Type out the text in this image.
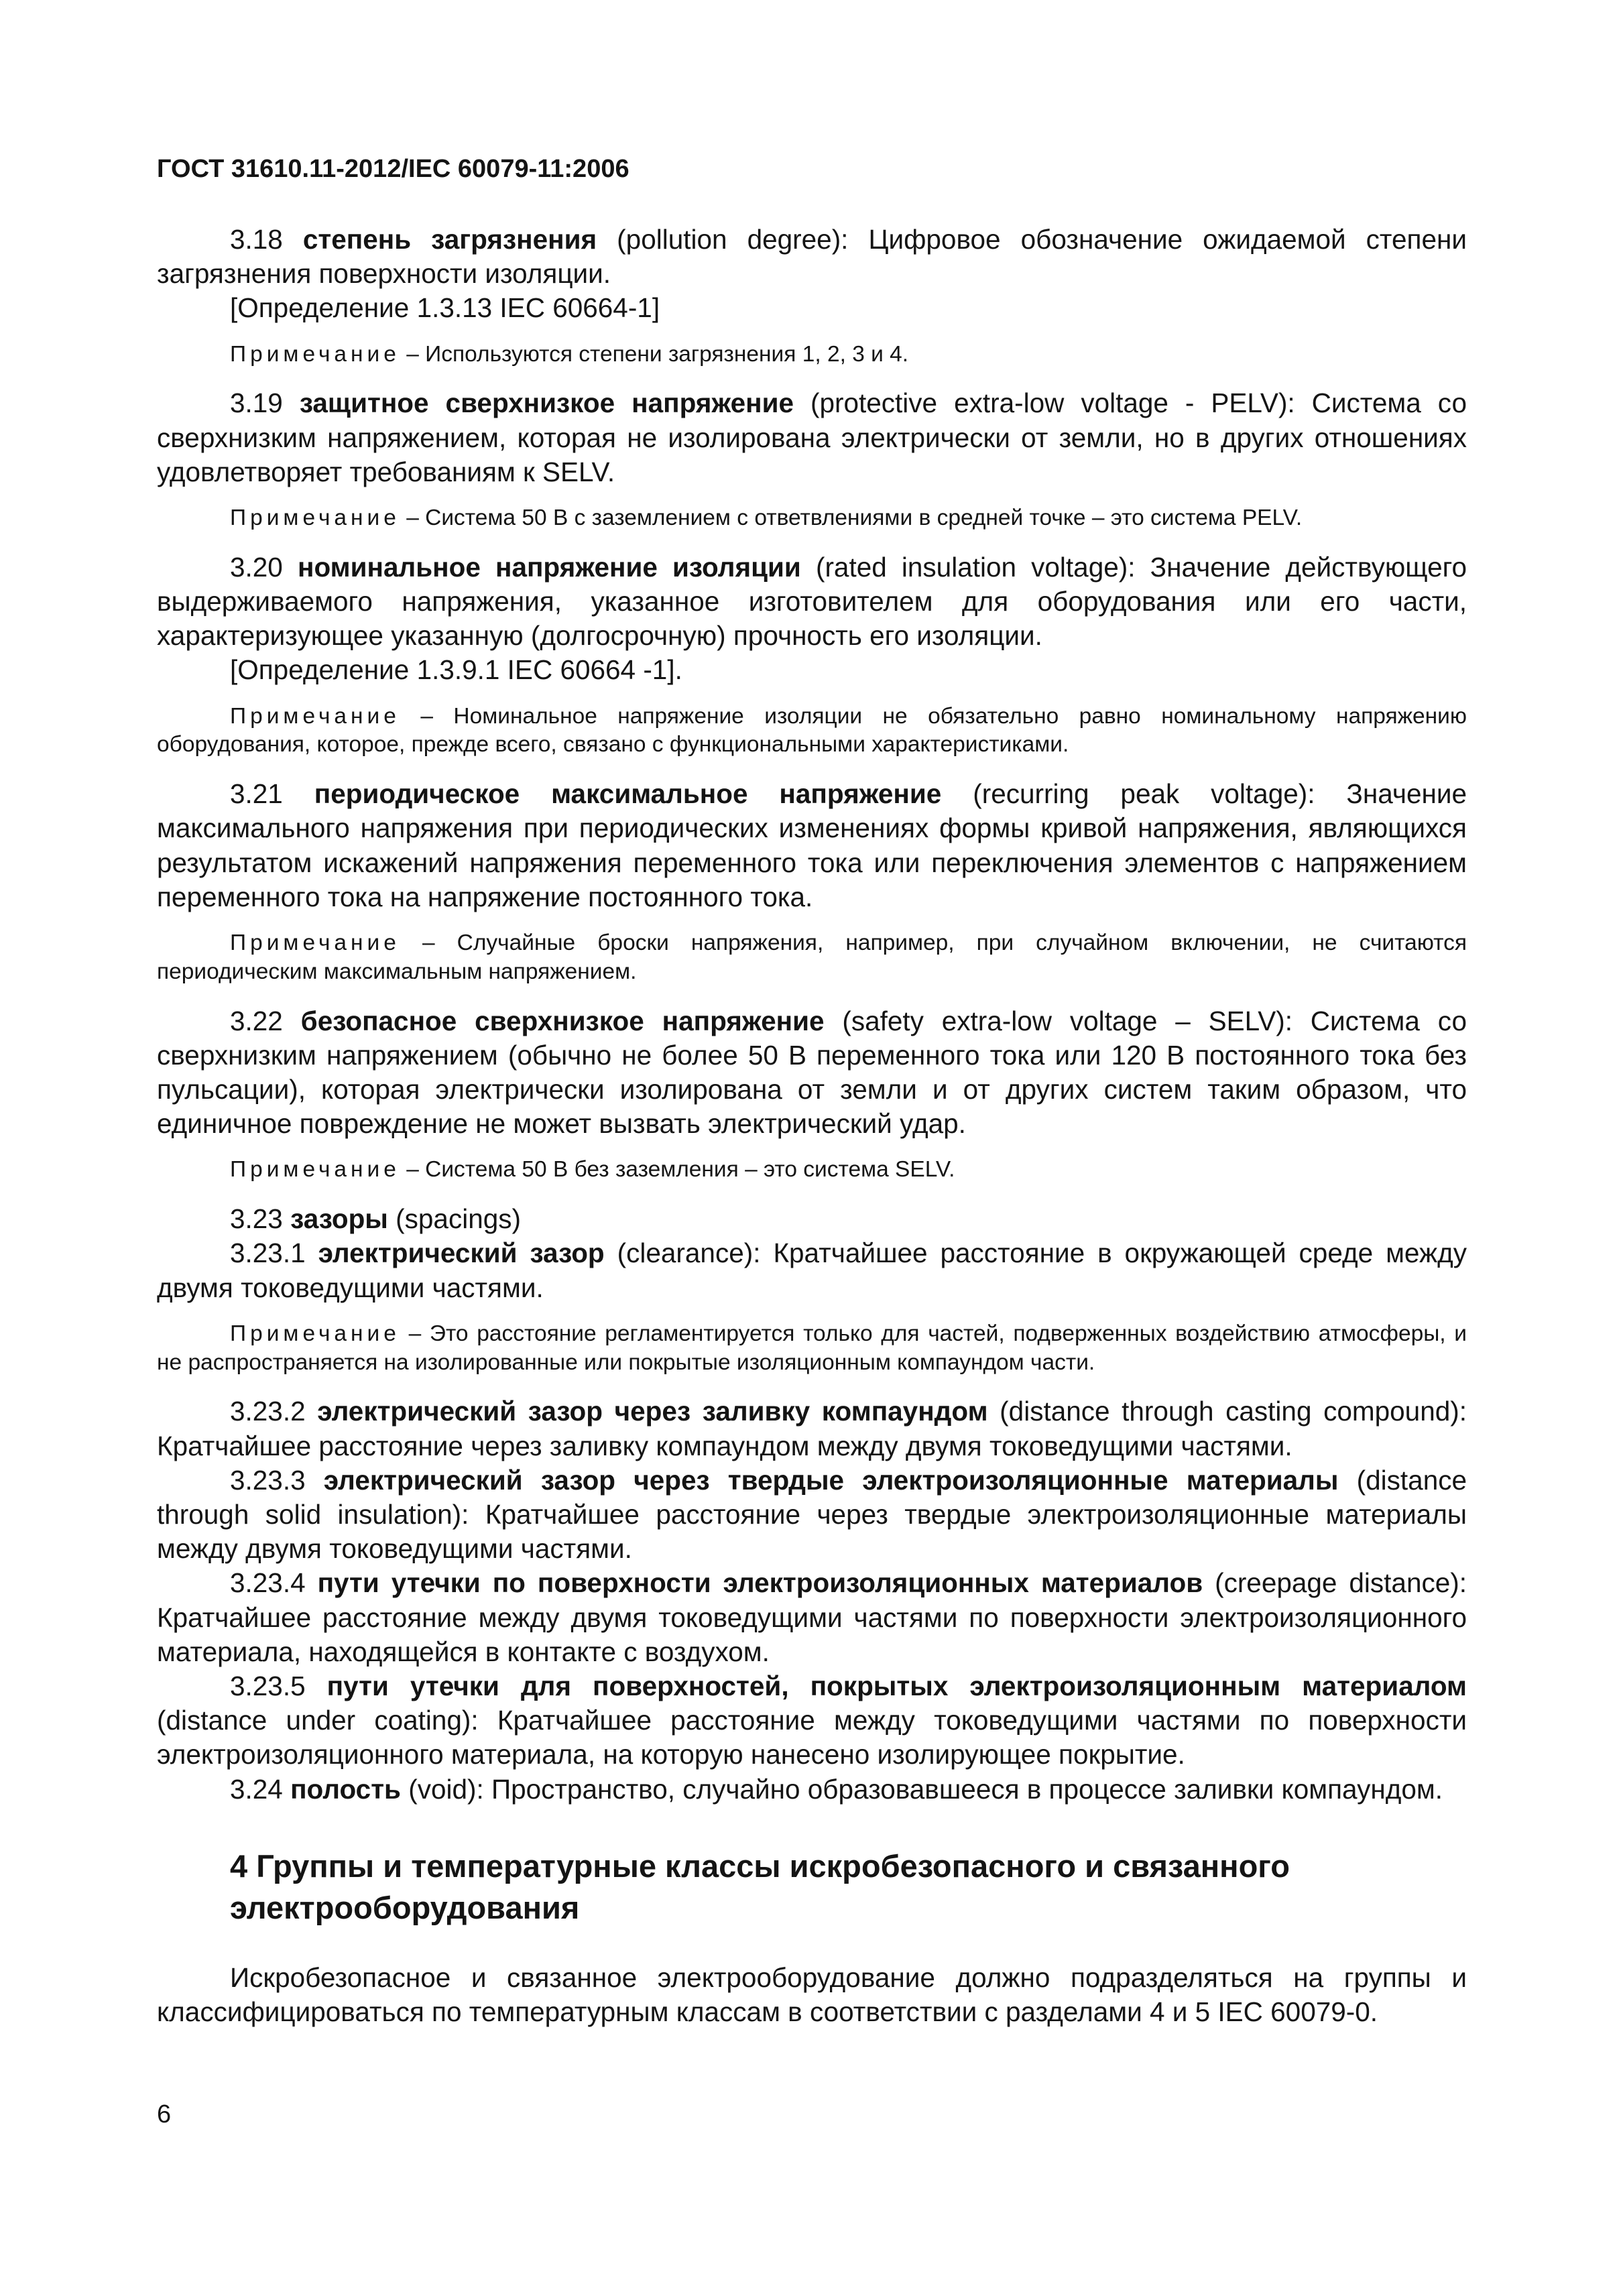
ГОСТ 31610.11-2012/IEC 60079-11:2006

3.18 степень загрязнения (pollution degree): Цифровое обозначение ожидаемой степени загрязнения поверхности изоляции.

[Определение 1.3.13 IEC 60664-1]

Примечание – Используются степени загрязнения 1, 2, 3 и 4.

3.19 защитное сверхнизкое напряжение (protective extra-low voltage - PELV): Система со сверхнизким напряжением, которая не изолирована электрически от земли, но в других отношениях удовлетворяет требованиям к SELV.

Примечание – Система 50 В с заземлением с ответвлениями в средней точке – это система PELV.

3.20 номинальное напряжение изоляции (rated insulation voltage): Значение действующего выдерживаемого напряжения, указанное изготовителем для оборудования или его части, характеризующее указанную (долгосрочную) прочность его изоляции.

[Определение 1.3.9.1 IEC 60664 -1].

Примечание – Номинальное напряжение изоляции не обязательно равно номинальному напряжению оборудования, которое, прежде всего, связано с функциональными характеристиками.

3.21 периодическое максимальное напряжение (recurring peak voltage): Значение максимального напряжения при периодических изменениях формы кривой напряжения, являющихся результатом искажений напряжения переменного тока или переключения элементов с напряжением переменного тока на напряжение постоянного тока.

Примечание – Случайные броски напряжения, например, при случайном включении, не считаются периодическим максимальным напряжением.

3.22 безопасное сверхнизкое напряжение (safety extra-low voltage – SELV): Система со сверхнизким напряжением (обычно не более 50 В переменного тока или 120 В постоянного тока без пульсации), которая электрически изолирована от земли и от других систем таким образом, что единичное повреждение не может вызвать электрический удар.

Примечание – Система 50 В без заземления – это система SELV.

3.23 зазоры (spacings)

3.23.1 электрический зазор (clearance): Кратчайшее расстояние в окружающей среде между двумя токоведущими частями.

Примечание – Это расстояние регламентируется только для частей, подверженных воздействию атмосферы, и не распространяется на изолированные или покрытые изоляционным компаундом части.

3.23.2 электрический зазор через заливку компаундом (distance through casting compound): Кратчайшее расстояние через заливку компаундом между двумя токоведущими частями.

3.23.3 электрический зазор через твердые электроизоляционные материалы (distance through solid insulation): Кратчайшее расстояние через твердые электроизоляционные материалы между двумя токоведущими частями.

3.23.4 пути утечки по поверхности электроизоляционных материалов (creepage distance): Кратчайшее расстояние между двумя токоведущими частями по поверхности электроизоляционного материала, находящейся в контакте с воздухом.

3.23.5 пути утечки для поверхностей, покрытых электроизоляционным материалом (distance under coating): Кратчайшее расстояние между токоведущими частями по поверхности электроизоляционного материала, на которую нанесено изолирующее покрытие.

3.24 полость (void): Пространство, случайно образовавшееся в процессе заливки компаундом.

4 Группы и температурные классы искробезопасного и связанного электрооборудования

Искробезопасное и связанное электрооборудование должно подразделяться на группы и классифицироваться по температурным классам в соответствии с разделами 4 и 5 IEC 60079-0.

6
